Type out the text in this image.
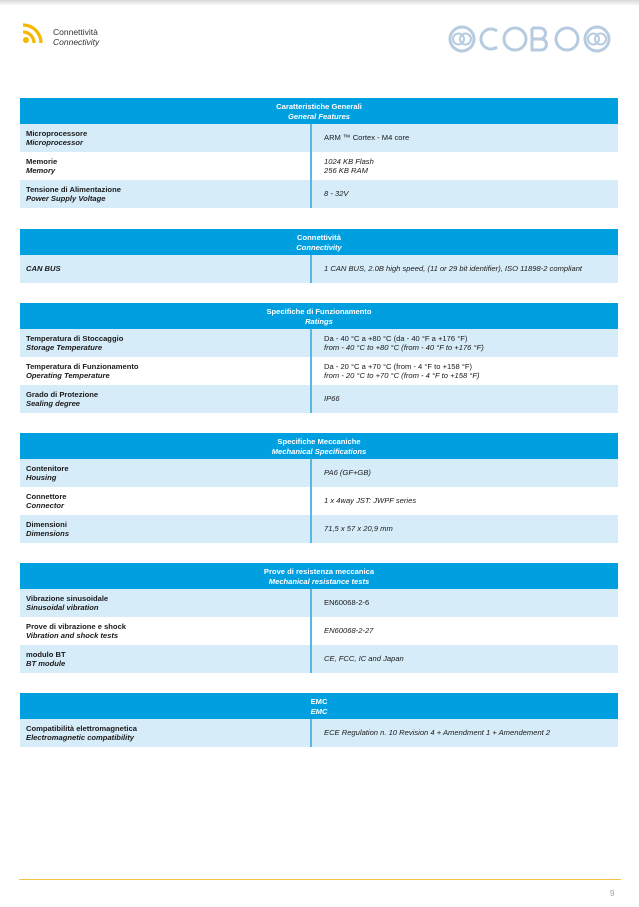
Connettività
Connectivity
Caratteristiche Generali
General Features	

Microprocessore
Microprocessor	ARM ™ Cortex - M4 core
Memorie
Memory	1024 KB Flash
256 KB RAM

Tensione di Alimentazione
Power Supply Voltage	8 - 32V
Connettività
Connectivity

CAN BUS	1 CAN BUS, 2.0B high speed, (11 or 29 bit identifier), ISO 11898-2 compliant
Specifiche di Funzionamento
Ratings	

Temperatura di Stoccaggio
Storage Temperature	Da - 40 °C a +80 °C (da - 40 °F a +176 °F)
from - 40 °C to +80 °C (from - 40 °F to +176 °F)

Temperatura di Funzionamento
Operating Temperature	Da - 20 °C a +70 °C (from - 4 °F to +158 °F)
from - 20 °C to +70 °C (from - 4 °F to +158 °F)

Grado di Protezione
Sealing degree	IP66
Specifiche Meccaniche
Mechanical Specifications	

Contenitore
Housing	PA6 (GF+GB)
Connettore
Connector	1 x 4way JST: JWPF series
Dimensioni
Dimensions	71,5 x 57 x 20,9 mm
Prove di resistenza meccanica
Mechanical resistance tests	

Vibrazione sinusoidale
Sinusoidal vibration	EN60068-2-6
Prove di vibrazione e shock
Vibration and shock tests	EN60068-2-27
modulo BT
BT module	CE, FCC, IC and Japan
EMC
EMC

Compatibilità elettromagnetica
Electromagnetic compatibility
	ECE Regulation n. 10 Revision 4 + Amendment 1 + Amendement 2
9
